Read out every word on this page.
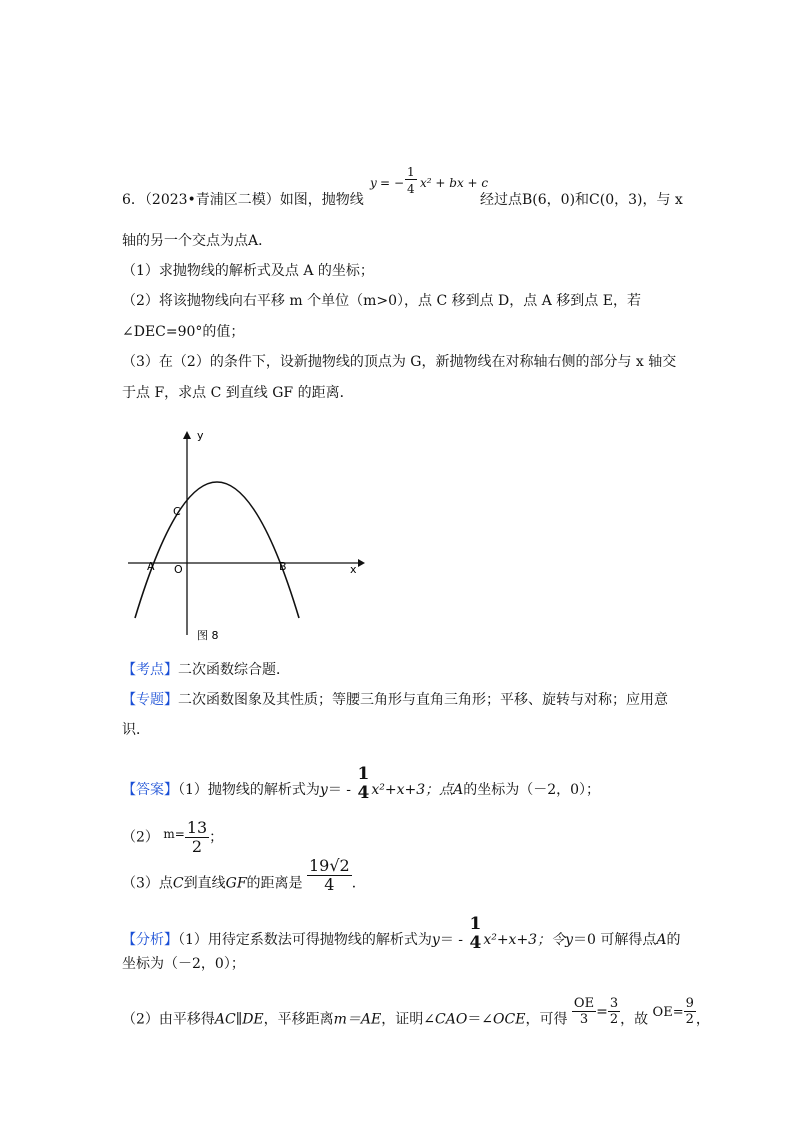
6．（2023•青浦区二模）如图，抛物线
y = − $\frac{1}{4} x^2$ + bx + c
经过点B(6，0)和C(0，3)，与 x
轴的另一个交点为点A．
（1）求抛物线的解析式及点 A 的坐标；
（2）将该抛物线向右平移 m 个单位（m>0），点 C 移到点 D，点 A 移到点 E，若
∠DEC=90°的值；
（3）在（2）的条件下，设新抛物线的顶点为 G，新抛物线在对称轴右侧的部分与 x 轴交
于点 F，求点 C 到直线 GF 的距离．
y
x
C
A O	B
图 8
【考点】二次函数综合题．
【专题】二次函数图象及其性质；等腰三角形与直角三角形；平移、旋转与对称；应用意
识．
【答案】（1）抛物线的解析式为y＝ -
1
4 x²+x+3；点A的坐标为（－2，0）；
（2） $m= \frac{13}{2}$ ；
（3）点C到直线GF的距离是 $\frac{19√2}{4}$ ．
【分析】（1）用待定系数法可得抛物线的解析式为y＝ -
1
4 x²+x+3；令y＝0 可解得点A的
坐标为（－2，0）；
（2）由平移得AC∥DE，平移距离m＝AE，证明∠CAO＝∠OCE，可得 $\frac{OE}{3} = \frac{3}{2}$ ，故 $OE= \frac{9}{2}$ ，
